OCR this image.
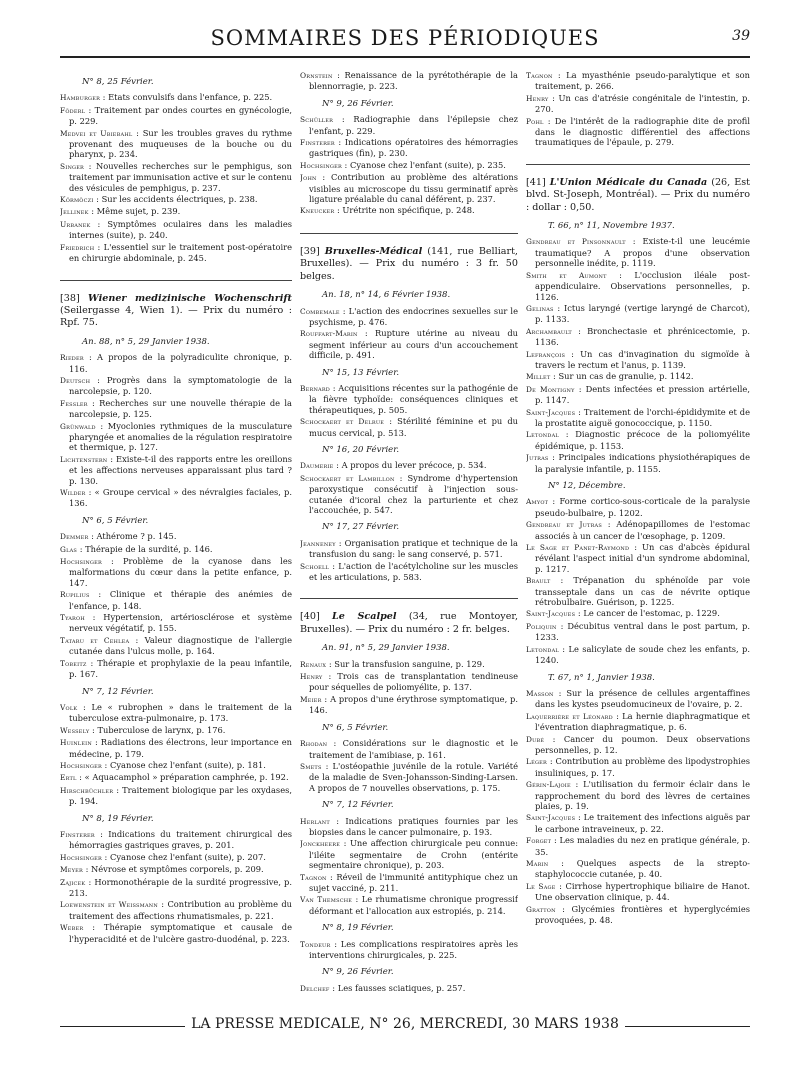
SOMMAIRES DES PÉRIODIQUES	39
N° 8, 25 Février.
Hamburger : Etats convulsifs dans l'enfance, p. 225.
Föderl : Traitement par ondes courtes en gynécologie, p. 229.
Medvei et Ubiebahl : Sur les troubles graves du rythme provenant des muqueuses de la bouche ou du pharynx, p. 234.
Singer : Nouvelles recherches sur le pemphigus, son traitement par immunisation active et sur le contenu des vésicules de pemphigus, p. 237.
Körmöczi : Sur les accidents électriques, p. 238.
Jellinek : Même sujet, p. 239.
Urbanek : Symptômes oculaires dans les maladies internes (suite), p. 240.
Friedrich : L'essentiel sur le traitement post-opératoire en chirurgie abdominale, p. 245.
[38] Wiener medizinische Wochenschrift (Seilergasse 4, Wien 1). — Prix du numéro : Rpf. 75.
An. 88, n° 5, 29 Janvier 1938.
Rieder : A propos de la polyradiculite chronique, p. 116.
Deutsch : Progrès dans la symptomatologie de la narcolepsie, p. 120.
Fessler : Recherches sur une nouvelle thérapie de la narcolepsie, p. 125.
Grünwald : Myoclonies rythmiques de la musculature pharyngée et anomalies de la régulation respiratoire et thermique, p. 127.
Lichtenstern : Existe-t-il des rapports entre les oreillons et les affections nerveuses apparaissant plus tard ? p. 130.
Wilder : « Groupe cervical » des névralgies faciales, p. 136.
N° 6, 5 Février.
Demmer : Athérome ? p. 145.
Glas : Thérapie de la surdité, p. 146.
Hochsinger : Problème de la cyanose dans les malformations du cœur dans la petite enfance, p. 147.
Rupilius : Clinique et thérapie des anémies de l'enfance, p. 148.
Tyaroh : Hypertension, artériosclérose et système nerveux végétatif, p. 155.
Tataru et Cehlea : Valeur diagnostique de l'allergie cutanée dans l'ulcus molle, p. 164.
Tobeitz : Thérapie et prophylaxie de la peau infantile, p. 167.
N° 7, 12 Février.
Volk : Le « rubrophen » dans le traitement de la tuberculose extra-pulmonaire, p. 173.
Wessely : Tuberculose de larynx, p. 176.
Huinlein : Radiations des électrons, leur importance en médecine, p. 179.
Hochsinger : Cyanose chez l'enfant (suite), p. 181.
Ertl : « Aquacamphol » préparation camphrée, p. 192.
Hirschbüchler : Traitement biologique par les oxydases, p. 194.
N° 8, 19 Février.
Finsterer : Indications du traitement chirurgical des hémorragies gastriques graves, p. 201.
Hochsinger : Cyanose chez l'enfant (suite), p. 207.
Meyer : Névrose et symptômes corporels, p. 209.
Zajicek : Hormonothérapie de la surdité progressive, p. 213.
Loewenstein et Weissmann : Contribution au problème du traitement des affections rhumatismales, p. 221.
Weber : Thérapie symptomatique et causale de l'hyperacidité et de l'ulcère gastro-duodénal, p. 223.
Ornstein : Renaissance de la pyrétothérapie de la blennorragie, p. 223.
N° 9, 26 Février.
Schüller : Radiographie dans l'épilepsie chez l'enfant, p. 229.
Finsterer : Indications opératoires des hémorragies gastriques (fin), p. 230.
Hochsinger : Cyanose chez l'enfant (suite), p. 235.
John : Contribution au problème des altérations visibles au microscope du tissu germinatif après ligature préalable du canal déférent, p. 237.
Kneucker : Urétrite non spécifique, p. 248.
[39] Bruxelles-Médical (141, rue Belliart, Bruxelles). — Prix du numéro : 3 fr. 50 belges.
An. 18, n° 14, 6 Février 1938.
Combemale : L'action des endocrines sexuelles sur le psychisme, p. 476.
Rouffart-Marin : Rupture utérine au niveau du segment inférieur au cours d'un accouchement difficile, p. 491.
N° 15, 13 Février.
Bernard : Acquisitions récentes sur la pathogénie de la fièvre typhoïde: conséquences cliniques et thérapeutiques, p. 505.
Schockaert et Delrue : Stérilité féminine et pu du mucus cervical, p. 513.
N° 16, 20 Février.
Daumerie : A propos du lever précoce, p. 534.
Schockaert et Lambillon : Syndrome d'hypertension paroxystique consécutif à l'injection sous-cutanée d'icoral chez la parturiente et chez l'accouchée, p. 547.
N° 17, 27 Février.
Jeanneney : Organisation pratique et technique de la transfusion du sang: le sang conservé, p. 571.
Schoell : L'action de l'acétylcholine sur les muscles et les articulations, p. 583.
[40] Le Scalpel (34, rue Montoyer, Bruxelles). — Prix du numéro : 2 fr. belges.
An. 91, n° 5, 29 Janvier 1938.
Renaux : Sur la transfusion sanguine, p. 129.
Henry : Trois cas de transplantation tendineuse pour séquelles de poliomyélite, p. 137.
Meier : A propos d'une érythrose symptomatique, p. 146.
N° 6, 5 Février.
Rhodan : Considérations sur le diagnostic et le traitement de l'amibiase, p. 161.
Smets : L'ostéopathie juvénile de la rotule. Variété de la maladie de Sven-Johansson-Sinding-Larsen. A propos de 7 nouvelles observations, p. 175.
N° 7, 12 Février.
Herlant : Indications pratiques fournies par les biopsies dans le cancer pulmonaire, p. 193.
Jonckheere : Une affection chirurgicale peu connue: l'iléite segmentaire de Crohn (entérite segmentaire chronique), p. 203.
Tagnon : Réveil de l'immunité antityphique chez un sujet vacciné, p. 211.
Van Themsche : Le rhumatisme chronique progressif déformant et l'allocation aux estropiés, p. 214.
N° 8, 19 Février.
Tondeur : Les complications respiratoires après les interventions chirurgicales, p. 225.
N° 9, 26 Février.
Delchef : Les fausses sciatiques, p. 257.
Tagnon : La myasthénie pseudo-paralytique et son traitement, p. 266.
Henry : Un cas d'atrésie congénitale de l'intestin, p. 270.
Pohl : De l'intérêt de la radiographie dite de profil dans le diagnostic différentiel des affections traumatiques de l'épaule, p. 279.
[41] L'Union Médicale du Canada (26, Est blvd. St-Joseph, Montréal). — Prix du numéro : dollar : 0,50.
T. 66, n° 11, Novembre 1937.
Gendreau et Pinsonnault : Existe-t-il une leucémie traumatique? A propos d'une observation personnelle inédite, p. 1119.
Smith et Aumont : L'occlusion iléale post-appendiculaire. Observations personnelles, p. 1126.
Gelinas : Ictus laryngé (vertige laryngé de Charcot), p. 1133.
Archambault : Bronchectasie et phrénicectomie, p. 1136.
Lefrançois : Un cas d'invagination du sigmoïde à travers le rectum et l'anus, p. 1139.
Millet : Sur un cas de granulie, p. 1142.
De Montigny : Dents infectées et pression artérielle, p. 1147.
Saint-Jacques : Traitement de l'orchi-épididymite et de la prostatite aiguë gonococcique, p. 1150.
Letondal : Diagnostic précoce de la poliomyélite épidémique, p. 1153.
Jutras : Principales indications physiothérapiques de la paralysie infantile, p. 1155.
N° 12, Décembre.
Amyot : Forme cortico-sous-corticale de la paralysie pseudo-bulbaire, p. 1202.
Gendreau et Jutras : Adénopapillomes de l'estomac associés à un cancer de l'œsophage, p. 1209.
Le Sage et Panet-Raymond : Un cas d'abcès épidural révélant l'aspect initial d'un syndrome abdominal, p. 1217.
Brault : Trépanation du sphénoïde par voie transseptale dans un cas de névrite optique rétrobulbaire. Guérison, p. 1225.
Saint-Jacques : Le cancer de l'estomac, p. 1229.
Poliquin : Décubitus ventral dans le post partum, p. 1233.
Letondal : Le salicylate de soude chez les enfants, p. 1240.
T. 67, n° 1, Janvier 1938.
Masson : Sur la présence de cellules argentaffines dans les kystes pseudomucineux de l'ovaire, p. 2.
Laquerrière et Léonard : La hernie diaphragmatique et l'éventration diaphragmatique, p. 6.
Dubé : Cancer du poumon. Deux observations personnelles, p. 12.
Léger : Contribution au problème des lipodystrophies insuliniques, p. 17.
Gérin-Lajoie : L'utilisation du fermoir éclair dans le rapprochement du bord des lèvres de certaines plaies, p. 19.
Saint-Jacques : Le traitement des infections aiguës par le carbone intraveineux, p. 22.
Forget : Les maladies du nez en pratique générale, p. 35.
Marin : Quelques aspects de la strepto-staphylococcie cutanée, p. 40.
Le Sage : Cirrhose hypertrophique biliaire de Hanot. Une observation clinique, p. 44.
Gratton : Glycémies frontières et hyperglycémies provoquées, p. 48.
LA PRESSE MEDICALE, N° 26, MERCREDI, 30 MARS 1938
